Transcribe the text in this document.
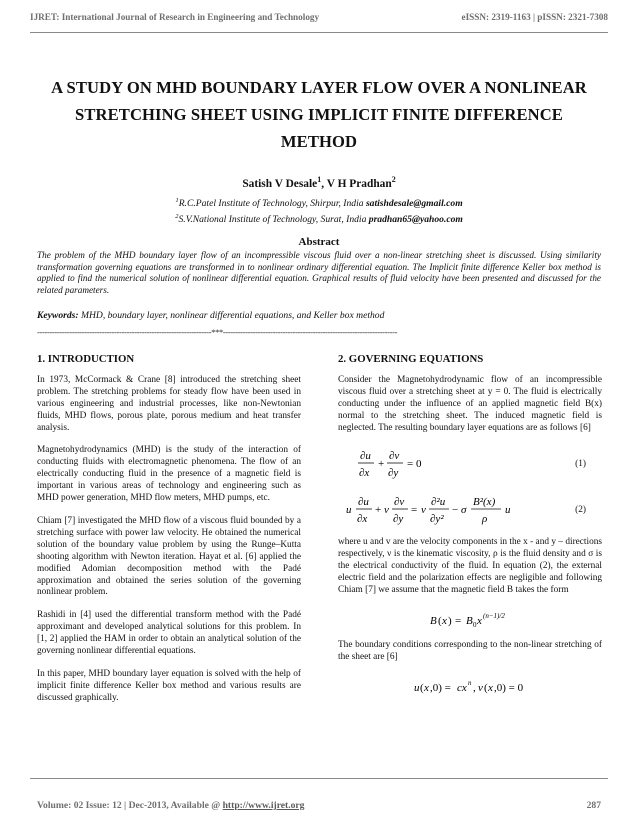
IJRET: International Journal of Research in Engineering and Technology	eISSN: 2319-1163 | pISSN: 2321-7308
A STUDY ON MHD BOUNDARY LAYER FLOW OVER A NONLINEAR STRETCHING SHEET USING IMPLICIT FINITE DIFFERENCE METHOD
Satish V Desale$^1$, V H Pradhan$^2$
$^1$R.C.Patel Institute of Technology, Shirpur, India satishdesale@gmail.com
$^2$S.V.National Institute of Technology, Surat, India pradhan65@yahoo.com
Abstract
The problem of the MHD boundary layer flow of an incompressible viscous fluid over a non-linear stretching sheet is discussed. Using similarity transformation governing equations are transformed in to nonlinear ordinary differential equation. The Implicit finite difference Keller box method is applied to find the numerical solution of nonlinear differential equation. Graphical results of fluid velocity have been presented and discussed for the related parameters.
Keywords: MHD, boundary layer, nonlinear differential equations, and Keller box method
----------------------------------------------------------------------***----------------------------------------------------------------------
1. INTRODUCTION

In 1973, McCormack & Crane [8] introduced the stretching sheet problem. The stretching problems for steady flow have been used in various engineering and industrial processes, like non-Newtonian fluids, MHD flows, porous plate, porous medium and heat transfer analysis.

Magnetohydrodynamics (MHD) is the study of the interaction of conducting fluids with electromagnetic phenomena. The flow of an electrically conducting fluid in the presence of a magnetic field is important in various areas of technology and engineering such as MHD power generation, MHD flow meters, MHD pumps, etc.

Chiam [7] investigated the MHD flow of a viscous fluid bounded by a stretching surface with power law velocity. He obtained the numerical solution of the boundary value problem by using the Runge–Kutta shooting algorithm with Newton iteration. Hayat et al. [6] applied the modified Adomian decomposition method with the Padé approximation and obtained the series solution of the governing nonlinear problem.

Rashidi in [4] used the differential transform method with the Padé approximant and developed analytical solutions for this problem. In [1, 2] applied the HAM in order to obtain an analytical solution of the governing nonlinear differential equations.

In this paper, MHD boundary layer equation is solved with the help of implicit finite difference Keller box method and various results are discussed graphically.

2. GOVERNING EQUATIONS

Consider the Magnetohydrodynamic flow of an incompressible viscous fluid over a stretching sheet at y = 0. The fluid is electrically conducting under the influence of an applied magnetic field B(x) normal to the stretching sheet. The induced magnetic field is neglected. The resulting boundary layer equations are as follows [6]

∂u
∂x
+
∂v
∂y
= 0	(1)
u
∂u
∂x
+ v
∂v
∂y
= ν
∂²u
∂y²
− σ
B²(x)
ρ
u	(2)

where u and v are the velocity components in the x - and y – directions respectively, ν is the kinematic viscosity, ρ is the fluid density and σ is the electrical conductivity of the fluid. In equation (2), the external electric field and the polarization effects are negligible and following Chiam [7] we assume that the magnetic field B takes the form

B ( x ) = B 0 x (n−1)/2

The boundary conditions corresponding to the non-linear stretching of the sheet are [6]

u ( x ,0) = cx n , v ( x ,0) = 0
Volume: 02 Issue: 12 | Dec-2013, Available @ http://www.ijret.org	287
